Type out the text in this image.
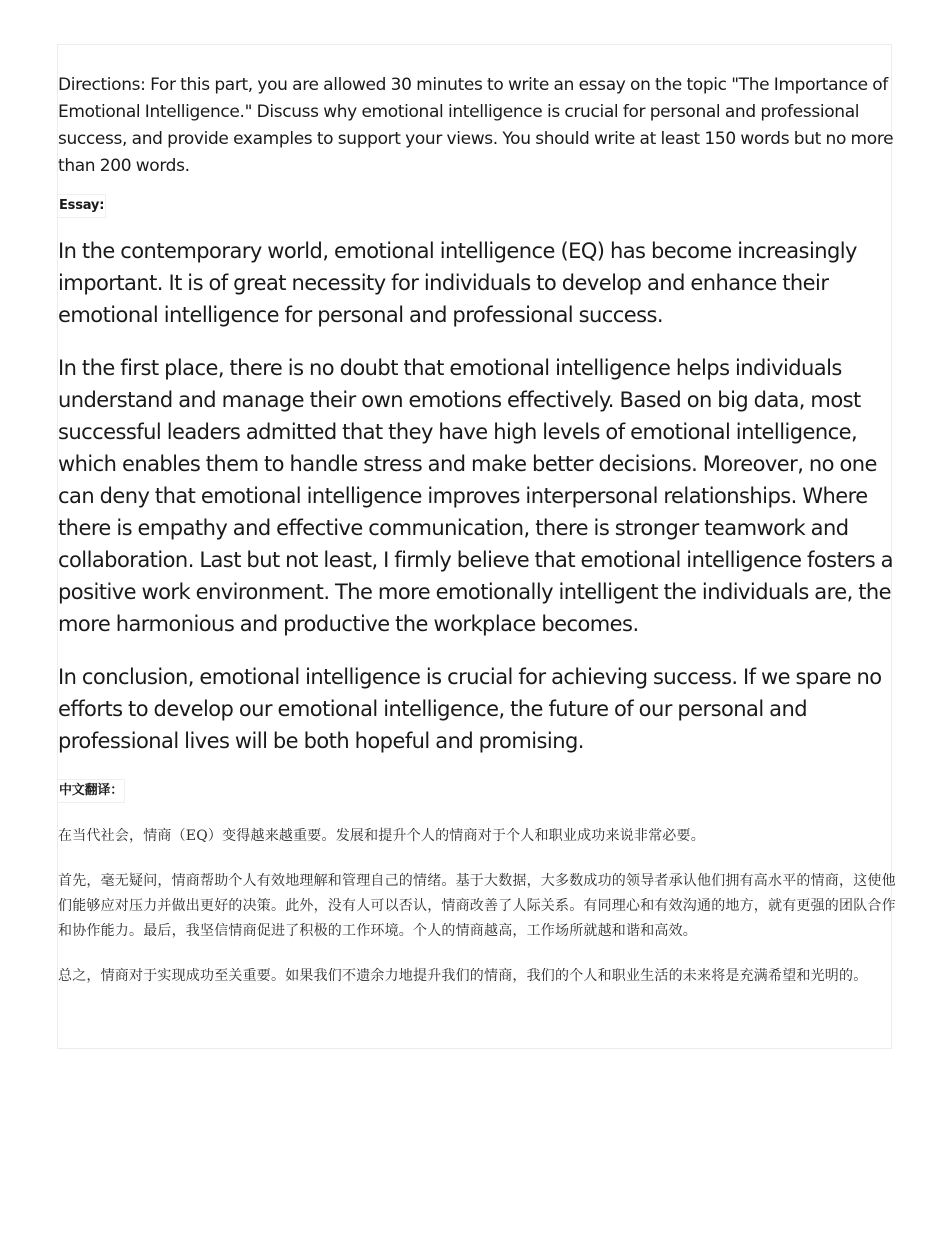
Directions: For this part, you are allowed 30 minutes to write an essay on the topic "The Importance of Emotional Intelligence." Discuss why emotional intelligence is crucial for personal and professional success, and provide examples to support your views. You should write at least 150 words but no more than 200 words.

Essay:

In the contemporary world, emotional intelligence (EQ) has become increasingly important. It is of great necessity for individuals to develop and enhance their emotional intelligence for personal and professional success.

In the first place, there is no doubt that emotional intelligence helps individuals understand and manage their own emotions effectively. Based on big data, most successful leaders admitted that they have high levels of emotional intelligence, which enables them to handle stress and make better decisions. Moreover, no one can deny that emotional intelligence improves interpersonal relationships. Where there is empathy and effective communication, there is stronger teamwork and collaboration. Last but not least, I firmly believe that emotional intelligence fosters a positive work environment. The more emotionally intelligent the individuals are, the more harmonious and productive the workplace becomes.

In conclusion, emotional intelligence is crucial for achieving success. If we spare no efforts to develop our emotional intelligence, the future of our personal and professional lives will be both hopeful and promising.

中文翻译：

在当代社会，情商（EQ）变得越来越重要。发展和提升个人的情商对于个人和职业成功来说非常必要。

首先，毫无疑问，情商帮助个人有效地理解和管理自己的情绪。基于大数据，大多数成功的领导者承认他们拥有高水平的情商，这使他们能够应对压力并做出更好的决策。此外，没有人可以否认，情商改善了人际关系。有同理心和有效沟通的地方，就有更强的团队合作和协作能力。最后，我坚信情商促进了积极的工作环境。个人的情商越高，工作场所就越和谐和高效。

总之，情商对于实现成功至关重要。如果我们不遗余力地提升我们的情商，我们的个人和职业生活的未来将是充满希望和光明的。
